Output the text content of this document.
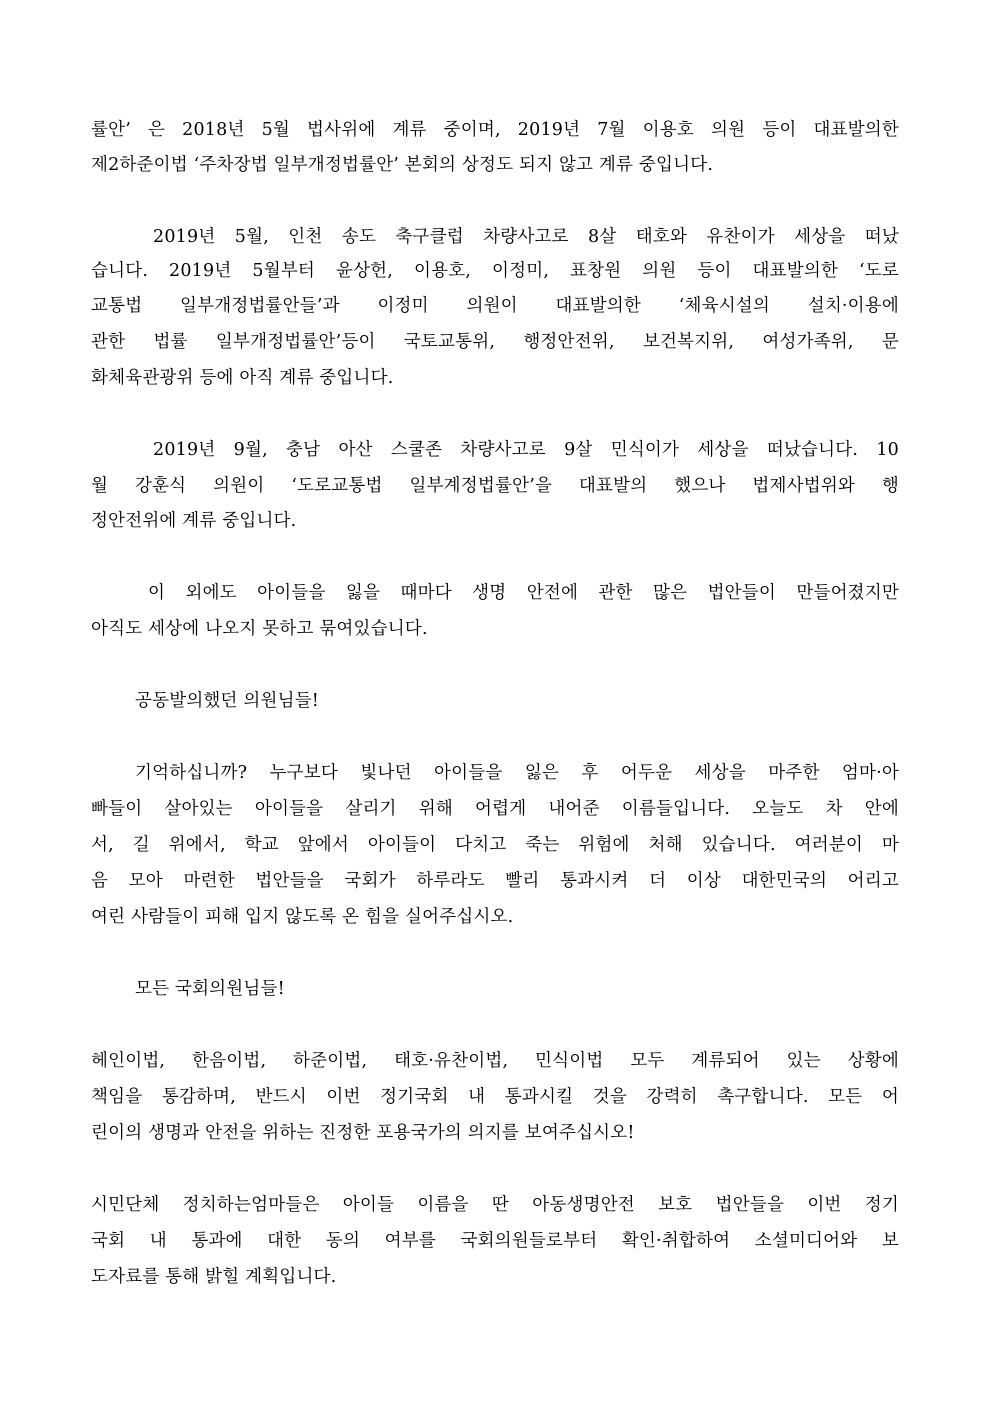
률안’ 은 2018년 5월 법사위에 계류 중이며, 2019년 7월 이용호 의원 등이 대표발의한
제2하준이법 ‘주차장법 일부개정법률안’ 본회의 상정도 되지 않고 계류 중입니다.
2019년 5월, 인천 송도 축구클럽 차량사고로 8살 태호와 유찬이가 세상을 떠났
습니다. 2019년 5월부터 윤상헌, 이용호, 이정미, 표창원 의원 등이 대표발의한 ‘도로
교통법 일부개정법률안들’과 이정미 의원이 대표발의한 ‘체육시설의 설치·이용에
관한 법률 일부개정법률안’등이 국토교통위, 행정안전위, 보건복지위, 여성가족위, 문
화체육관광위 등에 아직 계류 중입니다.
2019년 9월, 충남 아산 스쿨존 차량사고로 9살 민식이가 세상을 떠났습니다. 10
월 강훈식 의원이 ‘도로교통법 일부계정법률안’을 대표발의 했으나 법제사법위와 행
정안전위에 계류 중입니다.
이 외에도 아이들을 잃을 때마다 생명 안전에 관한 많은 법안들이 만들어졌지만
아직도 세상에 나오지 못하고 묶여있습니다.
공동발의했던 의원님들!
기억하십니까? 누구보다 빛나던 아이들을 잃은 후 어두운 세상을 마주한 엄마·아
빠들이 살아있는 아이들을 살리기 위해 어렵게 내어준 이름들입니다. 오늘도 차 안에
서, 길 위에서, 학교 앞에서 아이들이 다치고 죽는 위험에 처해 있습니다. 여러분이 마
음 모아 마련한 법안들을 국회가 하루라도 빨리 통과시켜 더 이상 대한민국의 어리고
여린 사람들이 피해 입지 않도록 온 힘을 실어주십시오.
모든 국회의원님들!
헤인이법, 한음이법, 하준이법, 태호·유찬이법, 민식이법 모두 계류되어 있는 상황에
책임을 통감하며, 반드시 이번 정기국회 내 통과시킬 것을 강력히 촉구합니다. 모든 어
린이의 생명과 안전을 위하는 진정한 포용국가의 의지를 보여주십시오!
시민단체 정치하는엄마들은 아이들 이름을 딴 아동생명안전 보호 법안들을 이번 정기
국회 내 통과에 대한 동의 여부를 국회의원들로부터 확인·취합하여 소셜미디어와 보
도자료를 통해 밝힐 계획입니다.
